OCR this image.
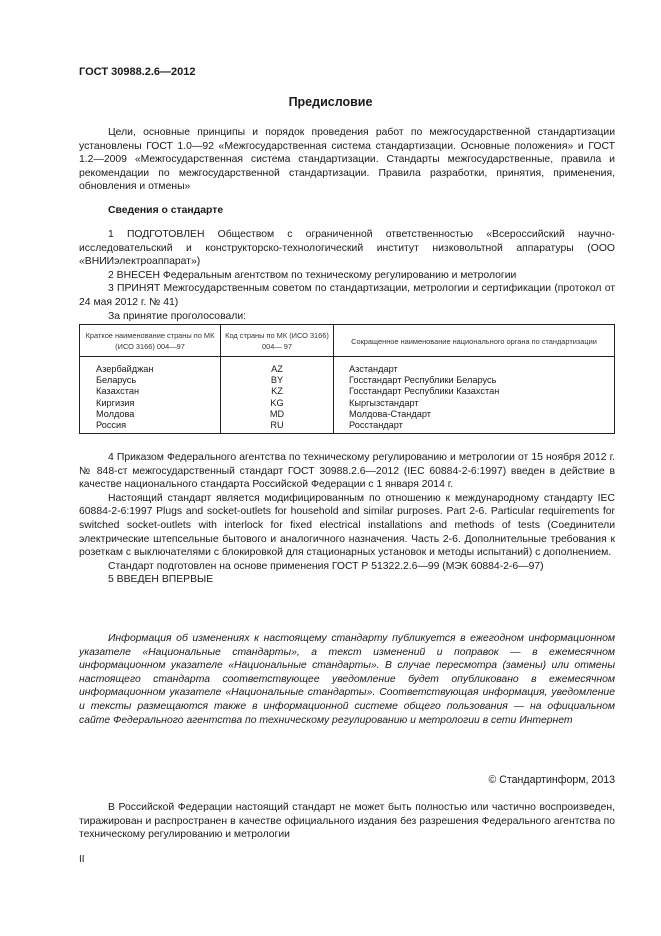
ГОСТ 30988.2.6—2012
Предисловие

Цели, основные принципы и порядок проведения работ по межгосударственной стандартизации установлены ГОСТ 1.0—92 «Межгосударственная система стандартизации. Основные положения» и ГОСТ 1.2—2009 «Межгосударственная система стандартизации. Стандарты межгосударственные, правила и рекомендации по межгосударственной стандартизации. Правила разработки, принятия, применения, обновления и отмены»

Сведения о стандарте

1 ПОДГОТОВЛЕН Обществом с ограниченной ответственностью «Всероссийский научно-исследовательский и конструкторско-технологический институт низковольтной аппаратуры (ООО «ВНИИэлектроаппарат»)

2 ВНЕСЕН Федеральным агентством по техническому регулированию и метрологии

3 ПРИНЯТ Межгосударственным советом по стандартизации, метрологии и сертификации (протокол от 24 мая 2012 г. № 41)

За принятие проголосовали:

Краткое наименование страны по МК (ИСО 3166) 004—97	Код страны по МК (ИСО 3166) 004— 97	Сокращенное наименование национального органа по стандартизации
Азербайджан	AZ	Азстандарт
Беларусь	BY	Госстандарт Республики Беларусь
Казахстан	KZ	Госстандарт Республики Казахстан
Киргизия	KG	Кыргызстандарт
Молдова	MD	Молдова-Стандарт
Россия	RU	Росстандарт

4 Приказом Федерального агентства по техническому регулированию и метрологии от 15 ноября 2012 г. № 848-ст межгосударственный стандарт ГОСТ 30988.2.6—2012 (IEC 60884-2-6:1997) введен в действие в качестве национального стандарта Российской Федерации с 1 января 2014 г.

Настоящий стандарт является модифицированным по отношению к международному стандарту IEC 60884-2-6:1997 Plugs and socket-outlets for household and similar purposes. Part 2-6. Particular requirements for switched socket-outlets with interlock for fixed electrical installations and methods of tests (Соединители электрические штепсельные бытового и аналогичного назначения. Часть 2-6. Дополнительные требования к розеткам с выключателями с блокировкой для стационарных установок и методы испытаний) с дополнением.

Стандарт подготовлен на основе применения ГОСТ Р 51322.2.6—99 (МЭК 60884-2-6—97)

5 ВВЕДЕН ВПЕРВЫЕ

Информация об изменениях к настоящему стандарту публикуется в ежегодном информационном указателе «Национальные стандарты», а текст изменений и поправок — в ежемесячном информационном указателе «Национальные стандарты». В случае пересмотра (замены) или отмены настоящего стандарта соответствующее уведомление будет опубликовано в ежемесячном информационном указателе «Национальные стандарты». Соответствующая информация, уведомление и тексты размещаются также в информационной системе общего пользования — на официальном сайте Федерального агентства по техническому регулированию и метрологии в сети Интернет

© Стандартинформ, 2013

В Российской Федерации настоящий стандарт не может быть полностью или частично воспроизведен, тиражирован и распространен в качестве официального издания без разрешения Федерального агентства по техническому регулированию и метрологии

II
